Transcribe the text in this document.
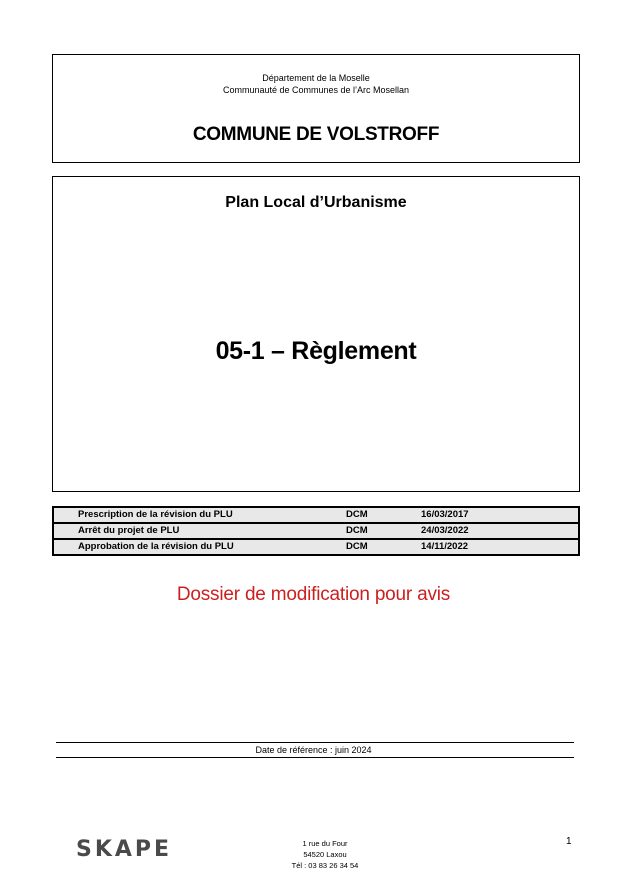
Département de la Moselle
Communauté de Communes de l’Arc Mosellan
COMMUNE DE VOLSTROFF
Plan Local d’Urbanisme
05-1 – Règlement
Prescription de la révision du PLU	DCM	16/03/2017
Arrêt du projet de PLU	DCM	24/03/2022
Approbation de la révision du PLU	DCM	14/11/2022
Dossier de modification pour avis
Date de référence : juin 2024
SKAPE	1 rue du Four
54520 Laxou
Tél : 03 83 26 34 54
1
